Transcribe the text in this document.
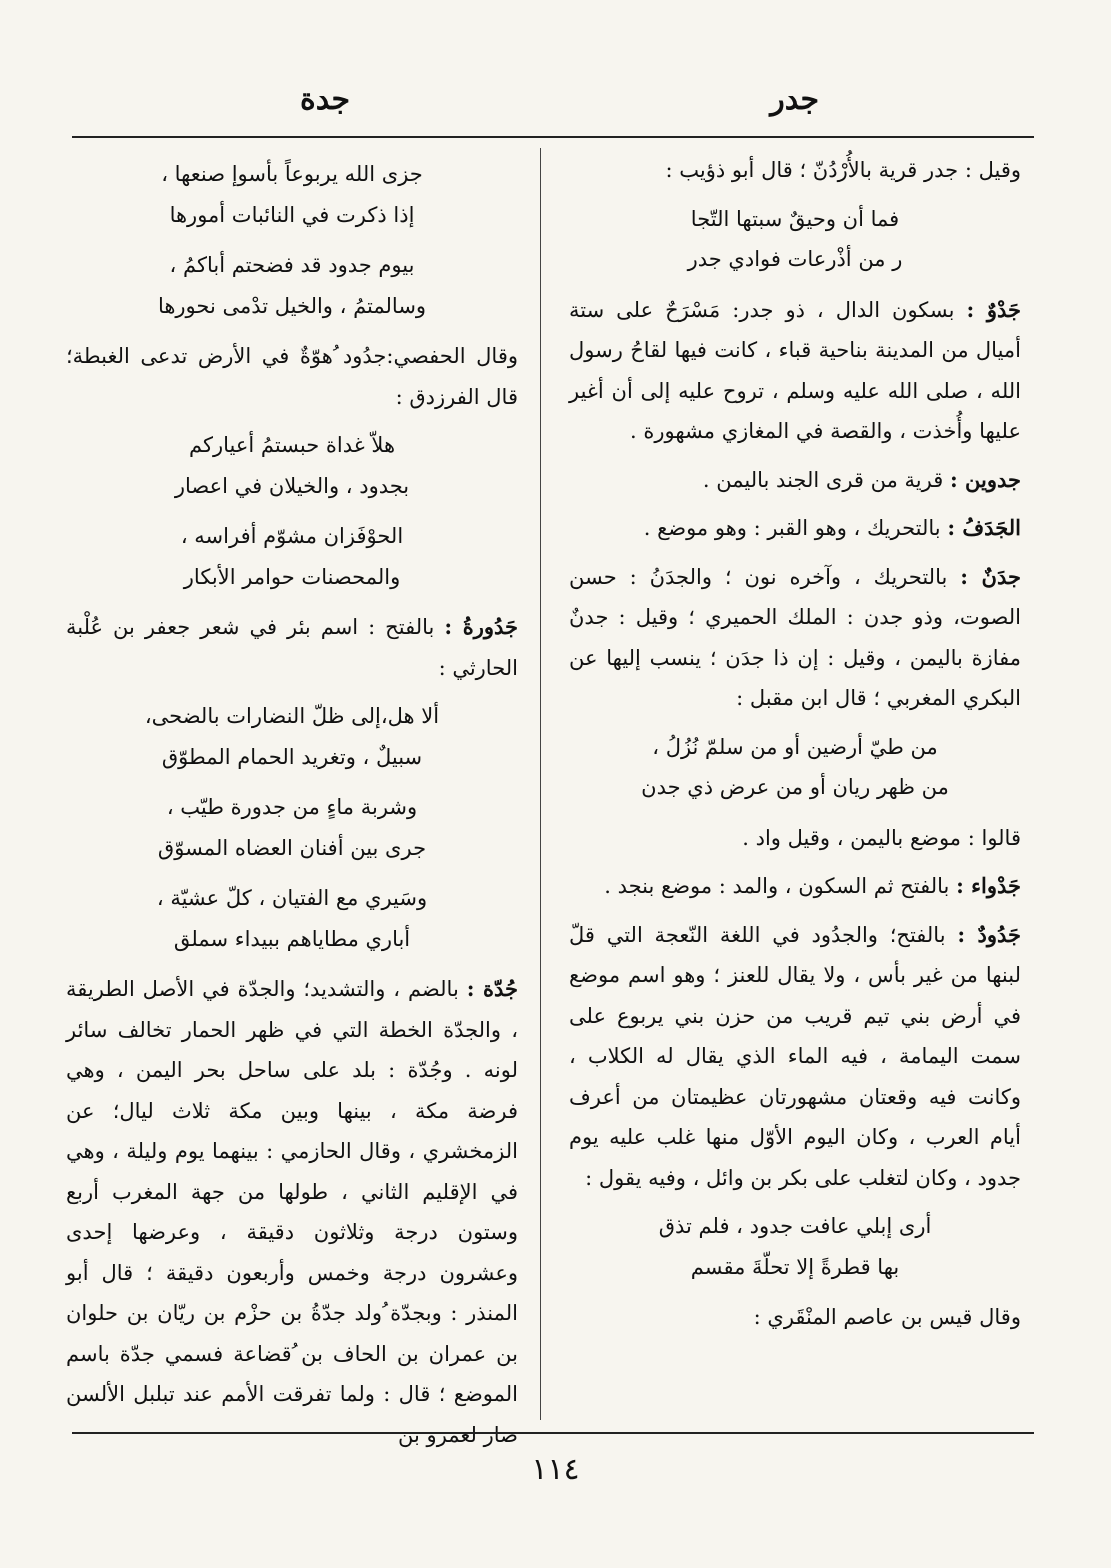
جدر
جدة
وقيل : جدر قرية بالأُرْدُنّ ؛ قال أبو ذؤيب :
فما أن وحيقٌ سبتها التّجا
ر من أذْرعات فوادي جدر
جَدْوٌ : بسكون الدال ، ذو جدر: مَسْرَحٌ على ستة أميال من المدينة بناحية قباء ، كانت فيها لقاحُ رسول الله ، صلى الله عليه وسلم ، تروح عليه إلى أن أغير عليها وأُخذت ، والقصة في المغازي مشهورة .
جدوين : قرية من قرى الجند باليمن .
الجَدَفُ : بالتحريك ، وهو القبر : وهو موضع .
جدَنٌ : بالتحريك ، وآخره نون ؛ والجدَنُ : حسن الصوت، وذو جدن : الملك الحميري ؛ وقيل : جدنٌ مفازة باليمن ، وقيل : إن ذا جدَن ؛ ينسب إليها عن البكري المغربي ؛ قال ابن مقبل :
من طيّ أرضين أو من سلمّ نُزُلُ ،
من ظهر ريان أو من عرض ذي جدن
قالوا : موضع باليمن ، وقيل واد .
جَدْواء : بالفتح ثم السكون ، والمد : موضع بنجد .
جَدُودٌ : بالفتح؛ والجدُود في اللغة النّعجة التي قلّ لبنها من غير بأس ، ولا يقال للعنز ؛ وهو اسم موضع في أرض بني تيم قريب من حزن بني يربوع على سمت اليمامة ، فيه الماء الذي يقال له الكلاب ، وكانت فيه وقعتان مشهورتان عظيمتان من أعرف أيام العرب ، وكان اليوم الأوّل منها غلب عليه يوم جدود ، وكان لتغلب على بكر بن وائل ، وفيه يقول :
أرى إبلي عافت جدود ، فلم تذق
بها قطرةً إلا تحلّةَ مقسم
وقال قيس بن عاصم المنْقَري :
جزى الله يربوعاً بأسوإ صنعها ،
إذا ذكرت في النائبات أمورها
بيوم جدود قد فضحتم أباكمُ ،
وسالمتمُ ، والخيل تدْمى نحورها
وقال الحفصي:جدُود ُهوّةٌ في الأرض تدعى الغبطة؛ قال الفرزدق :
هلاّ غداة حبستمُ أعياركم
بجدود ، والخيلان في اعصار
الحوْفَزان مشوّم أفراسه ،
والمحصنات حوامر الأبكار
جَدُورةُ : بالفتح : اسم بئر في شعر جعفر بن عُلْبة الحارثي :
ألا هل،إلى ظلّ النضارات بالضحى،
سبيلٌ ، وتغريد الحمام المطوّق
وشربة ماءٍ من جدورة طيّب ،
جرى بين أفنان العضاه المسوّق
وسَيري مع الفتيان ، كلّ عشيّة ،
أباري مطاياهم ببيداء سملق
جُدّة : بالضم ، والتشديد؛ والجدّة في الأصل الطريقة ، والجدّة الخطة التي في ظهر الحمار تخالف سائر لونه . وجُدّة : بلد على ساحل بحر اليمن ، وهي فرضة مكة ، بينها وبين مكة ثلاث ليال؛ عن الزمخشري ، وقال الحازمي : بينهما يوم وليلة ، وهي في الإقليم الثاني ، طولها من جهة المغرب أربع وستون درجة وثلاثون دقيقة ، وعرضها إحدى وعشرون درجة وخمس وأربعون دقيقة ؛ قال أبو المنذر : وبجدّة ُولد جدّةُ بن حزْم بن ريّان بن حلوان بن عمران بن الحاف بن ُقضاعة فسمي جدّة باسم الموضع ؛ قال : ولما تفرقت الأمم عند تبلبل الألسن صار لعمرو بن
١١٤
